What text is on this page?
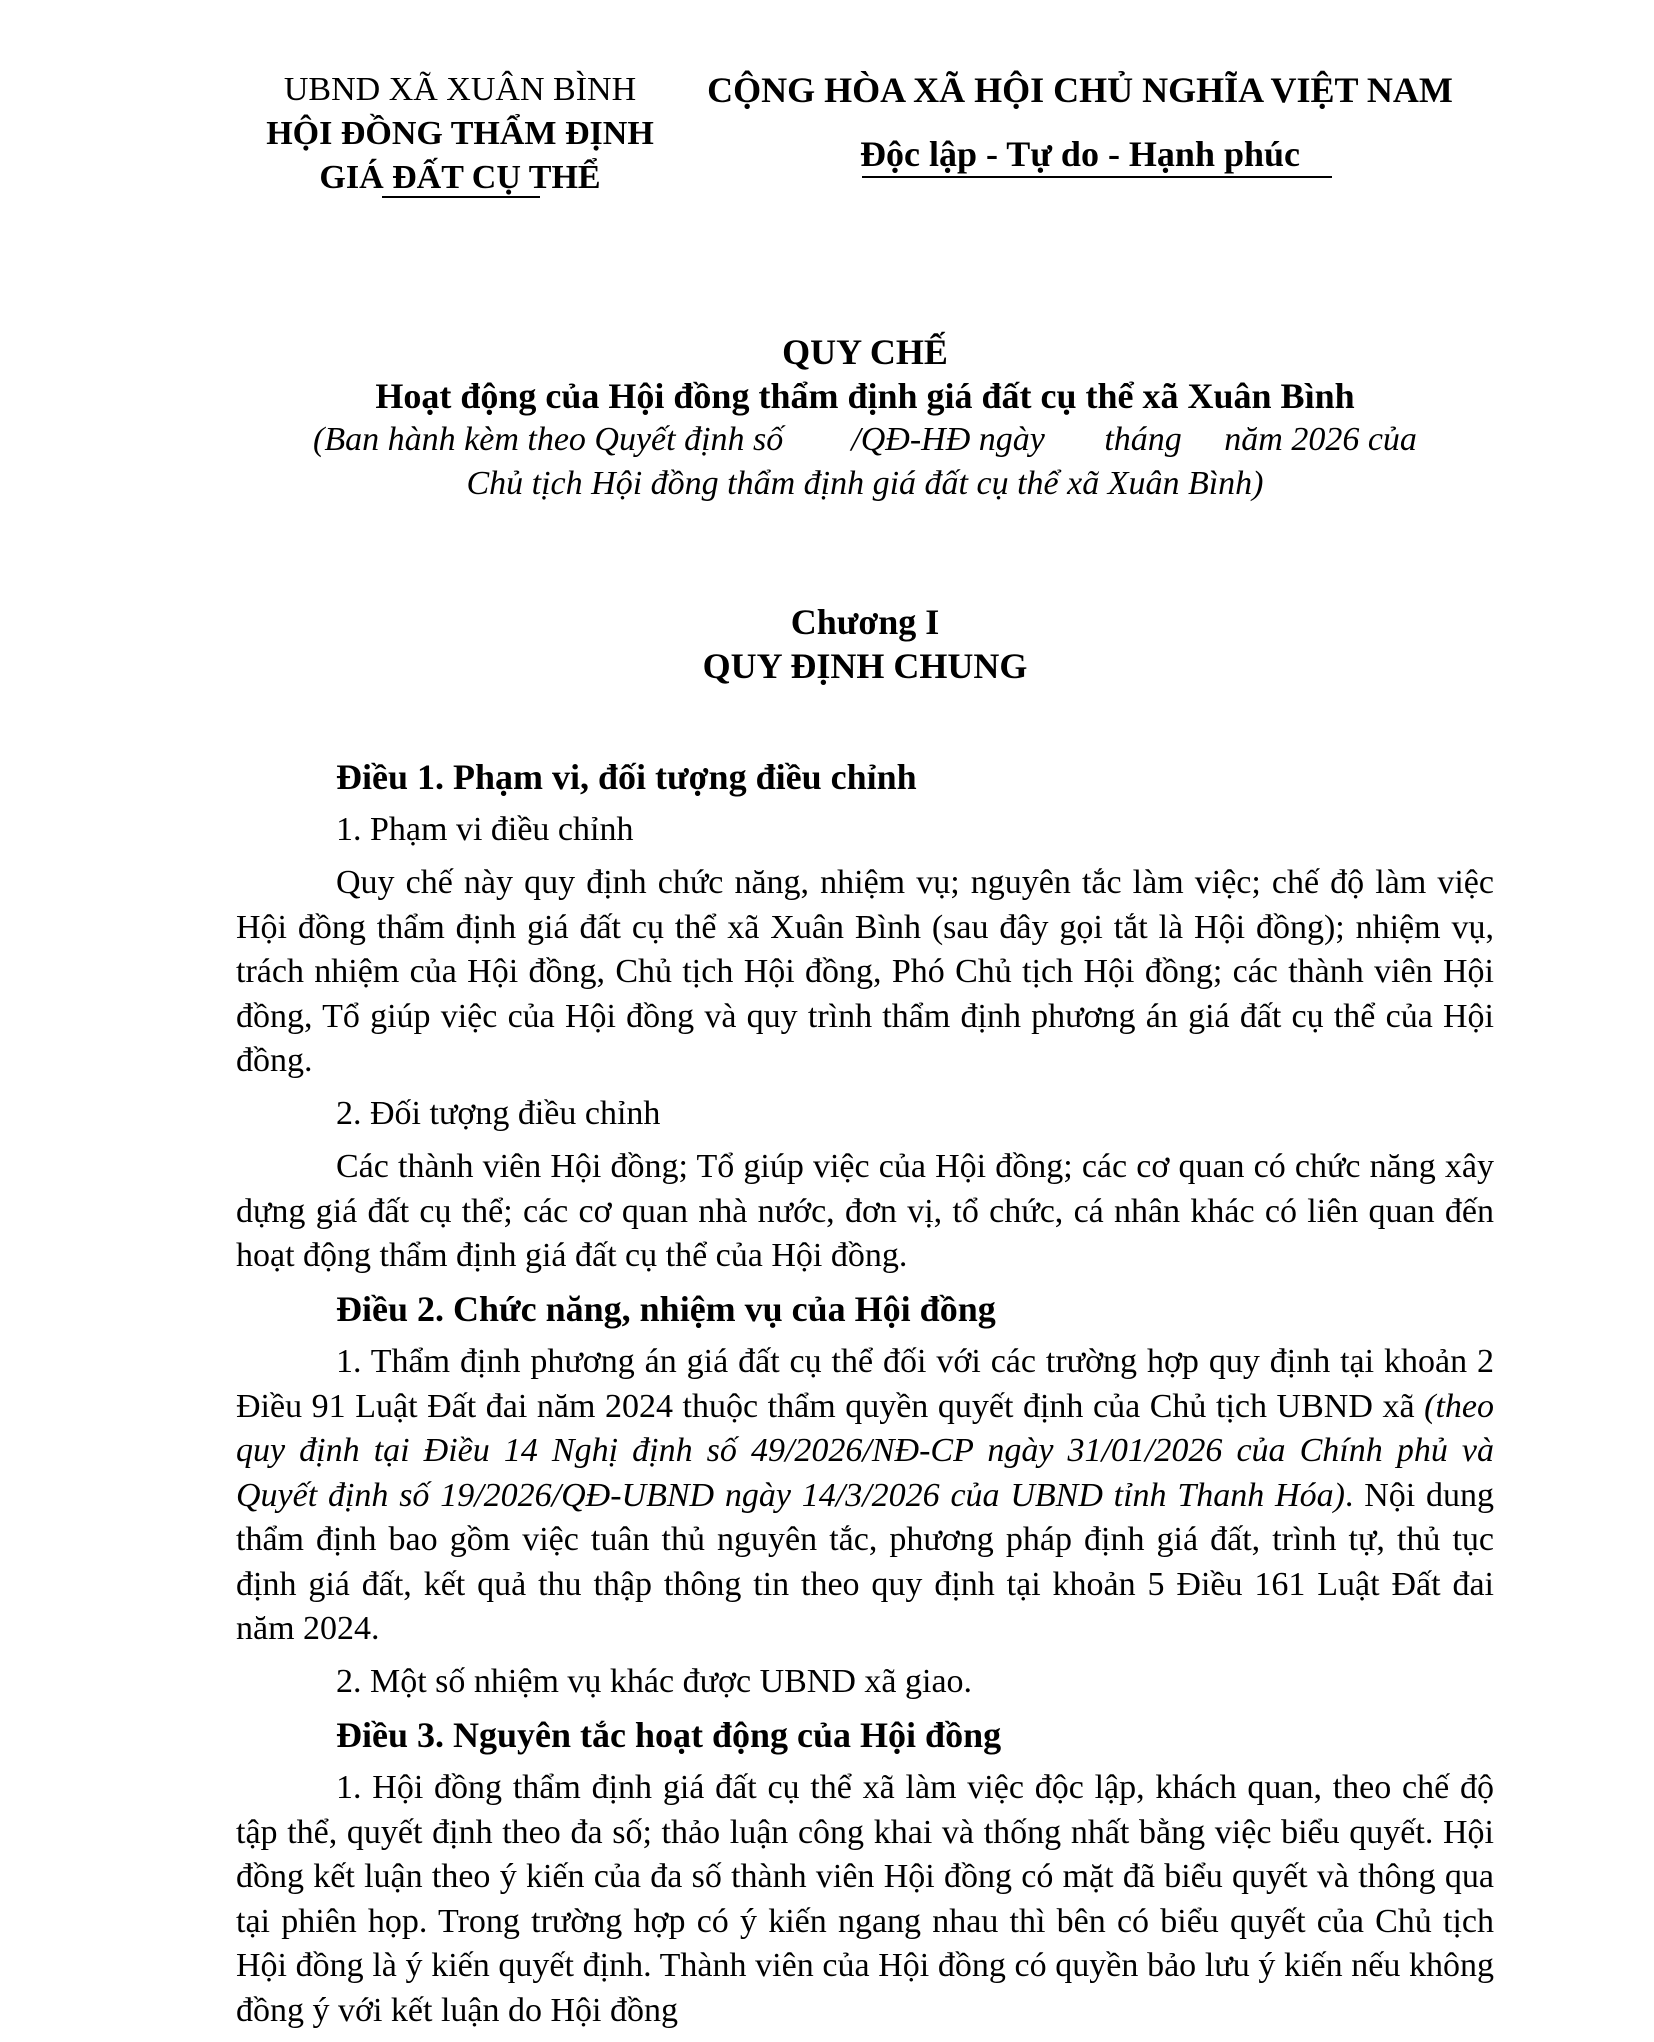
UBND XÃ XUÂN BÌNH
HỘI ĐỒNG THẨM ĐỊNH
GIÁ ĐẤT CỤ THỂ
CỘNG HÒA XÃ HỘI CHỦ NGHĨA VIỆT NAM
Độc lập - Tự do - Hạnh phúc
QUY CHẾ
Hoạt động của Hội đồng thẩm định giá đất cụ thể xã Xuân Bình
(Ban hành kèm theo Quyết định số        /QĐ-HĐ ngày       tháng     năm 2026 của
Chủ tịch Hội đồng thẩm định giá đất cụ thể xã Xuân Bình)
Chương I
QUY ĐỊNH CHUNG

Điều 1. Phạm vi, đối tượng điều chỉnh

1. Phạm vi điều chỉnh

Quy chế này quy định chức năng, nhiệm vụ; nguyên tắc làm việc; chế độ làm việc Hội đồng thẩm định giá đất cụ thể xã Xuân Bình (sau đây gọi tắt là Hội đồng); nhiệm vụ, trách nhiệm của Hội đồng, Chủ tịch Hội đồng, Phó Chủ tịch Hội đồng; các thành viên Hội đồng, Tổ giúp việc của Hội đồng và quy trình thẩm định phương án giá đất cụ thể của Hội đồng.

2. Đối tượng điều chỉnh

Các thành viên Hội đồng; Tổ giúp việc của Hội đồng; các cơ quan có chức năng xây dựng giá đất cụ thể; các cơ quan nhà nước, đơn vị, tổ chức, cá nhân khác có liên quan đến hoạt động thẩm định giá đất cụ thể của Hội đồng.

Điều 2. Chức năng, nhiệm vụ của Hội đồng

1. Thẩm định phương án giá đất cụ thể đối với các trường hợp quy định tại khoản 2 Điều 91 Luật Đất đai năm 2024 thuộc thẩm quyền quyết định của Chủ tịch UBND xã (theo quy định tại Điều 14 Nghị định số 49/2026/NĐ-CP ngày 31/01/2026 của Chính phủ và Quyết định số 19/2026/QĐ-UBND ngày 14/3/2026 của UBND tỉnh Thanh Hóa). Nội dung thẩm định bao gồm việc tuân thủ nguyên tắc, phương pháp định giá đất, trình tự, thủ tục định giá đất, kết quả thu thập thông tin theo quy định tại khoản 5 Điều 161 Luật Đất đai năm 2024.

2. Một số nhiệm vụ khác được UBND xã giao.

Điều 3. Nguyên tắc hoạt động của Hội đồng

1. Hội đồng thẩm định giá đất cụ thể xã làm việc độc lập, khách quan, theo chế độ tập thể, quyết định theo đa số; thảo luận công khai và thống nhất bằng việc biểu quyết. Hội đồng kết luận theo ý kiến của đa số thành viên Hội đồng có mặt đã biểu quyết và thông qua tại phiên họp. Trong trường hợp có ý kiến ngang nhau thì bên có biểu quyết của Chủ tịch Hội đồng là ý kiến quyết định. Thành viên của Hội đồng có quyền bảo lưu ý kiến nếu không đồng ý với kết luận do Hội đồng
